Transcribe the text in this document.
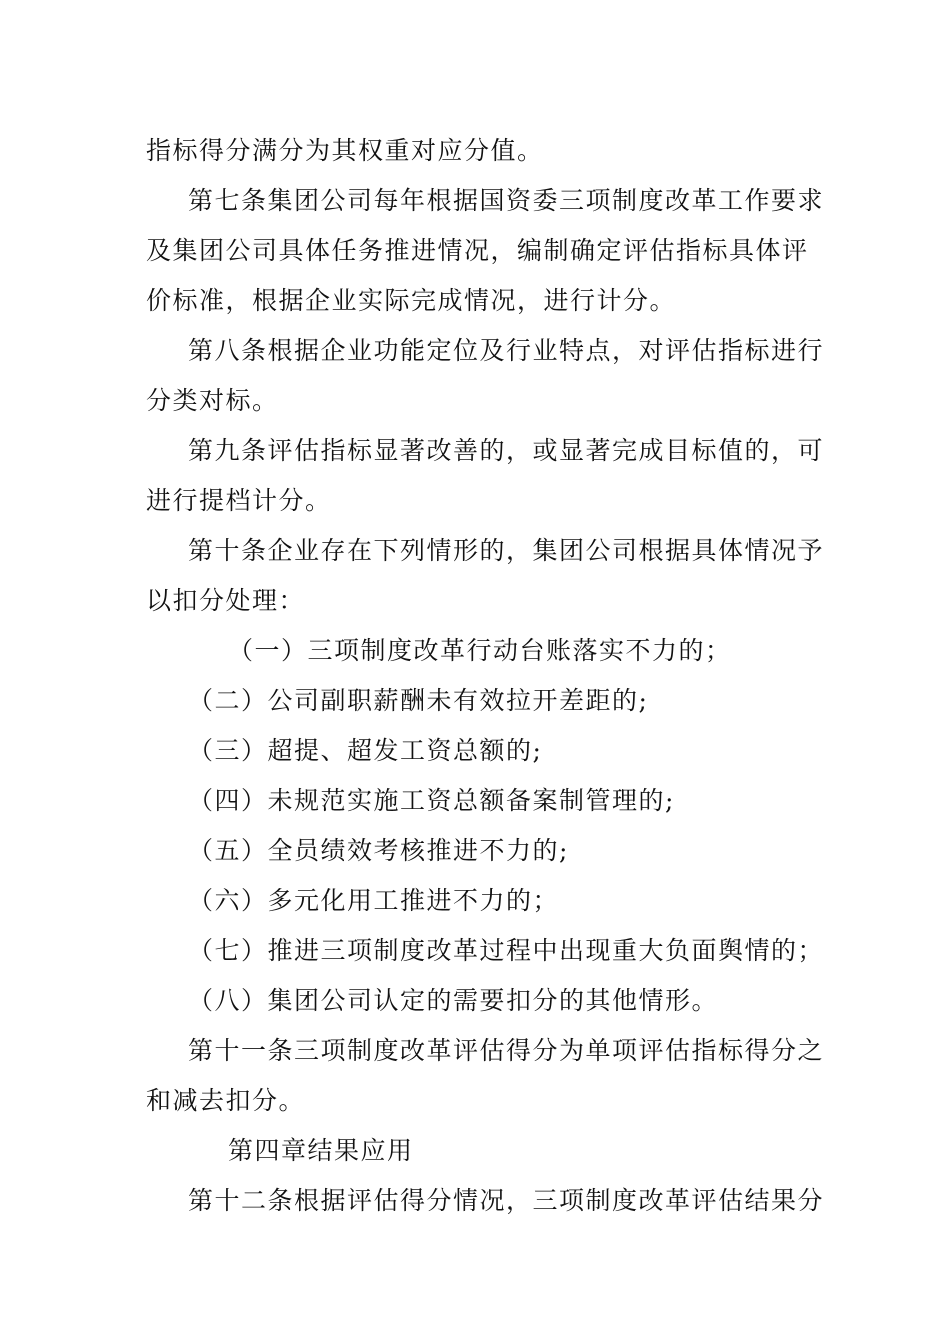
指标得分满分为其权重对应分值。
第七条集团公司每年根据国资委三项制度改革工作要求
及集团公司具体任务推进情况，编制确定评估指标具体评
价标准，根据企业实际完成情况，进行计分。
第八条根据企业功能定位及行业特点，对评估指标进行
分类对标。
第九条评估指标显著改善的，或显著完成目标值的，可
进行提档计分。
第十条企业存在下列情形的，集团公司根据具体情况予
以扣分处理：
（一）三项制度改革行动台账落实不力的；
（二）公司副职薪酬未有效拉开差距的;
（三）超提、超发工资总额的;
（四）未规范实施工资总额备案制管理的;
（五）全员绩效考核推进不力的;
（六）多元化用工推进不力的；
（七）推进三项制度改革过程中出现重大负面舆情的；
（八）集团公司认定的需要扣分的其他情形。
第十一条三项制度改革评估得分为单项评估指标得分之
和减去扣分。
第四章结果应用
第十二条根据评估得分情况，三项制度改革评估结果分
